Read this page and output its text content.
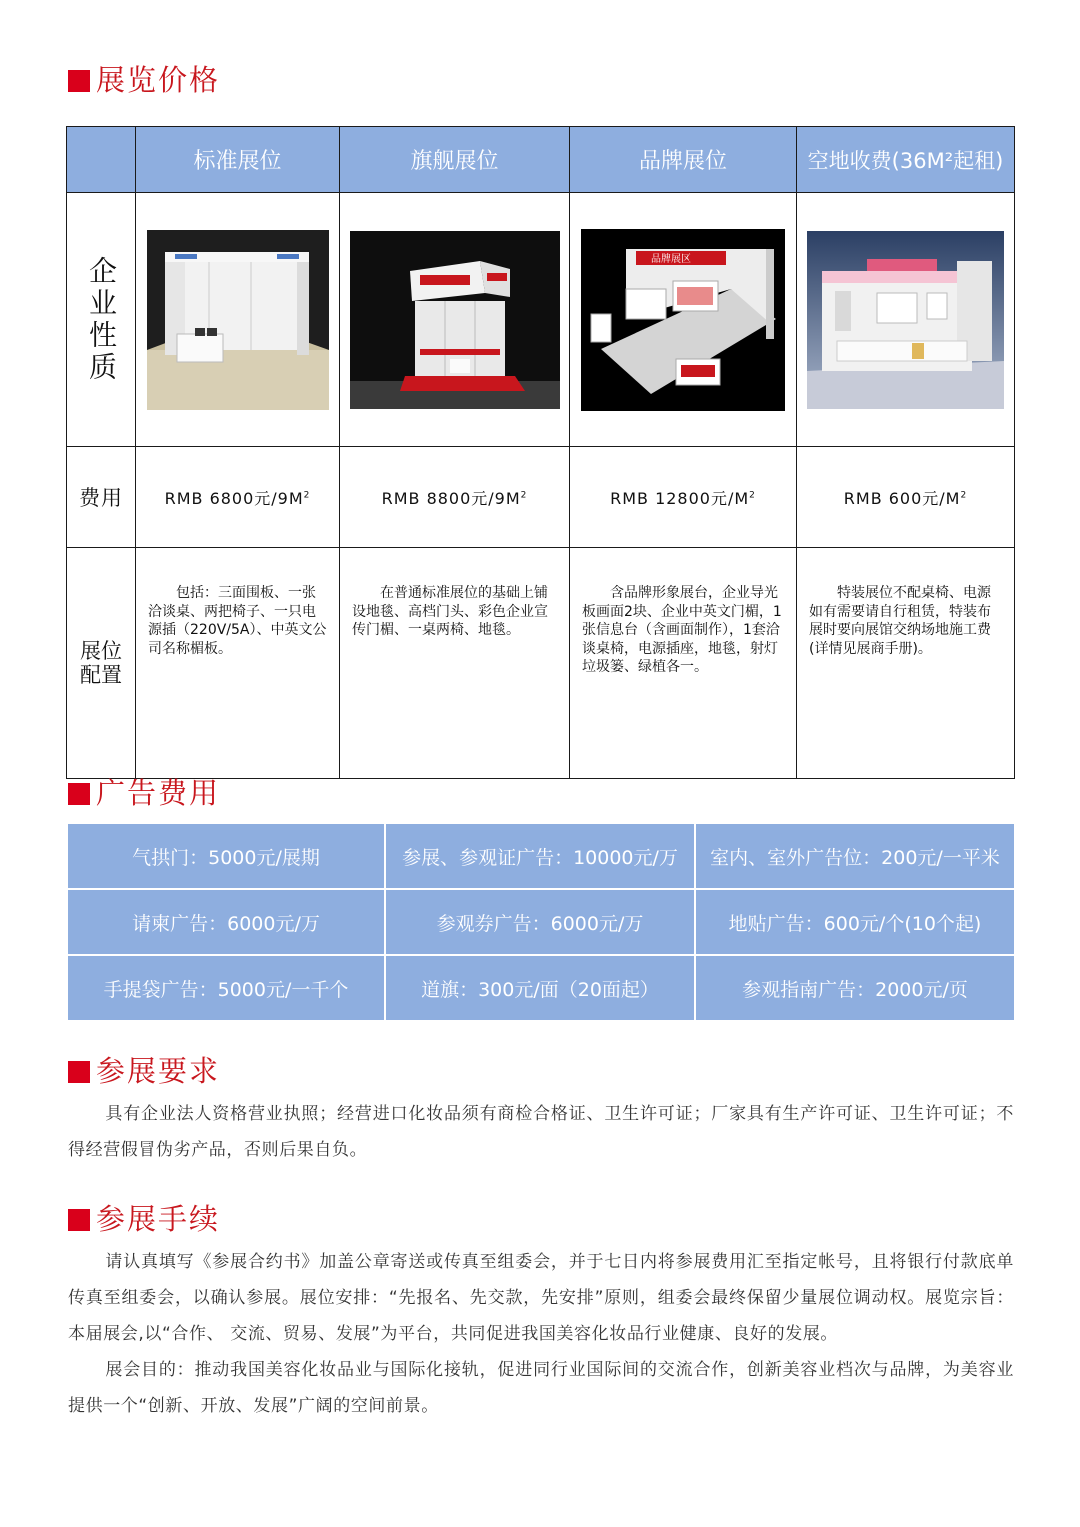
展览价格
	标准展位	旗舰展位	品牌展位	空地收费(36M²起租)

企业性质			品牌展区

费用	RMB 6800元$/9M^2$	RMB 8800元$/9M^2$	RMB 12800元$/M^2$	RMB 600元$/M^2$

展位配置	包括：三面围板、一张洽谈桌、两把椅子、一只电源插（220V/5A）、中英文公司名称楣板。	在普通标准展位的基础上铺设地毯、高档门头、彩色企业宣传门楣、一桌两椅、地毯。	含品牌形象展台，企业导光板画面2块、企业中英文门楣，1张信息台（含画面制作），1套洽谈桌椅，电源插座，地毯，射灯垃圾篓、绿植各一。	特装展位不配桌椅、电源如有需要请自行租赁，特装布展时要向展馆交纳场地施工费(详情见展商手册)。
广告费用
气拱门：5000元/展期	参展、参观证广告：10000元/万	室内、室外广告位：200元/一平米
请柬广告：6000元/万	参观券广告：6000元/万	地贴广告：600元/个(10个起)
手提袋广告：5000元/一千个	道旗：300元/面（20面起）	参观指南广告：2000元/页
参展要求

具有企业法人资格营业执照；经营进口化妆品须有商检合格证、卫生许可证；厂家具有生产许可证、卫生许可证；不得经营假冒伪劣产品，否则后果自负。

参展手续

请认真填写《参展合约书》加盖公章寄送或传真至组委会，并于七日内将参展费用汇至指定帐号，且将银行付款底单传真至组委会，以确认参展。展位安排：“先报名、先交款，先安排”原则，组委会最终保留少量展位调动权。展览宗旨：本届展会,以“合作、 交流、贸易、发展”为平台，共同促进我国美容化妆品行业健康、良好的发展。

展会目的：推动我国美容化妆品业与国际化接轨，促进同行业国际间的交流合作，创新美容业档次与品牌，为美容业提供一个“创新、开放、发展”广阔的空间前景。
